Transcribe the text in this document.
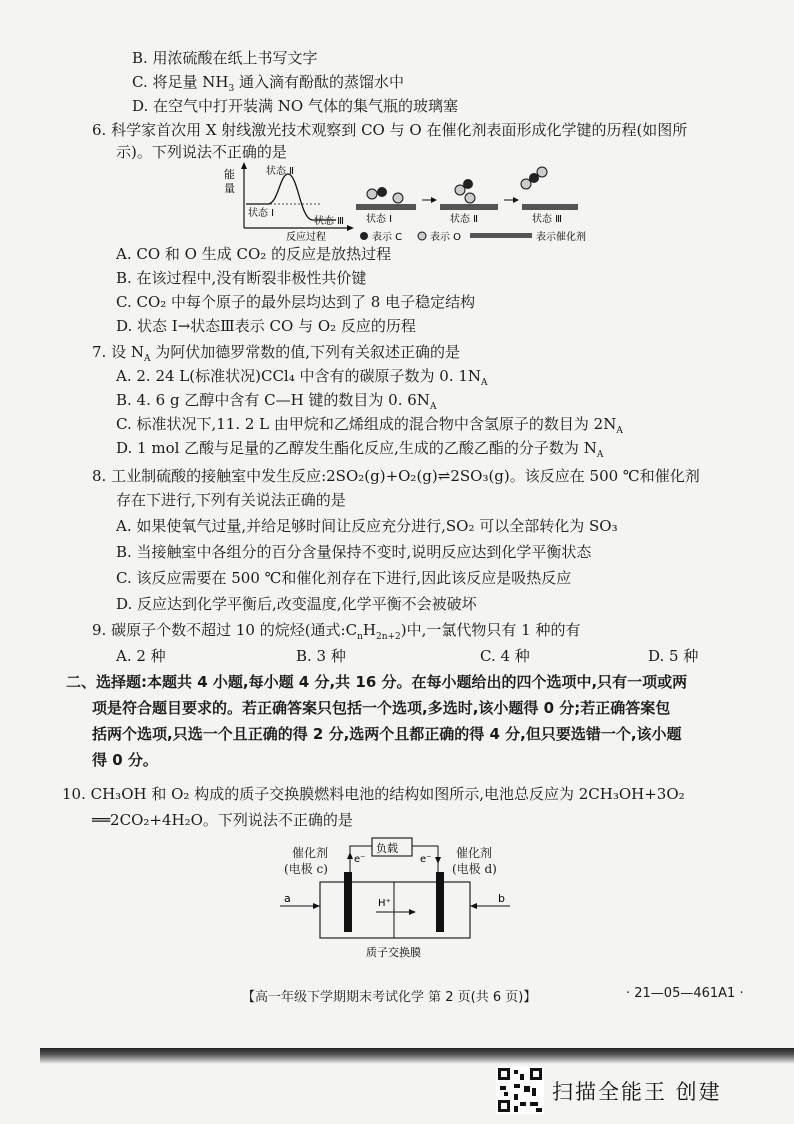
B. 用浓硫酸在纸上书写文字
C. 将足量 $NH_3$ 通入滴有酚酞的蒸馏水中
D. 在空气中打开装满 NO 气体的集气瓶的玻璃塞
6. 科学家首次用 X 射线激光技术观察到 CO 与 O 在催化剂表面形成化学键的历程(如图所
示)。下列说法不正确的是
能
量
状态 Ⅱ
状态 Ⅰ
状态 Ⅲ
反应过程
状态 Ⅰ	状态 Ⅱ	状态 Ⅲ
表示 C	表示 O	表示催化剂
A. CO 和 O 生成 CO₂ 的反应是放热过程
B. 在该过程中,没有断裂非极性共价键
C. CO₂ 中每个原子的最外层均达到了 8 电子稳定结构
D. 状态 Ⅰ→状态Ⅲ表示 CO 与 O₂ 反应的历程
7. 设 $N_A$ 为阿伏加德罗常数的值,下列有关叙述正确的是
A. 2. 24 L(标准状况)CCl₄ 中含有的碳原子数为 0. $1N_A$
B. 4. 6 g 乙醇中含有 C—H 键的数目为 0. $6N_A$
C. 标准状况下,11. 2 L 由甲烷和乙烯组成的混合物中含氢原子的数目为 $2N_A$
D. 1 mol 乙酸与足量的乙醇发生酯化反应,生成的乙酸乙酯的分子数为 $N_A$
8. 工业制硫酸的接触室中发生反应:2SO₂(g)+O₂(g)⇌2SO₃(g)。该反应在 500 ℃和催化剂
存在下进行,下列有关说法正确的是
A. 如果使氧气过量,并给足够时间让反应充分进行,SO₂ 可以全部转化为 SO₃
B. 当接触室中各组分的百分含量保持不变时,说明反应达到化学平衡状态
C. 该反应需要在 500 ℃和催化剂存在下进行,因此该反应是吸热反应
D. 反应达到化学平衡后,改变温度,化学平衡不会被破坏
9. 碳原子个数不超过 10 的烷烃(通式$:C_nH_{2n+2}$)中,一氯代物只有 1 种的有
A. 2 种	B. 3 种	C. 4 种	D. 5 种
二、选择题:本题共 4 小题,每小题 4 分,共 16 分。在每小题给出的四个选项中,只有一项或两
项是符合题目要求的。若正确答案只包括一个选项,多选时,该小题得 0 分;若正确答案包
括两个选项,只选一个且正确的得 2 分,选两个且都正确的得 4 分,但只要选错一个,该小题
得 0 分。
10. CH₃OH 和 O₂ 构成的质子交换膜燃料电池的结构如图所示,电池总反应为 2CH₃OH+3O₂
══2CO₂+4H₂O。下列说法不正确的是
负载
e⁻	e⁻
H⁺
a	b
质子交换膜
催化剂
(电极 c)
催化剂
(电极 d)
【高一年级下学期期末考试化学 第 2 页(共 6 页)】	· 21—05—461A1 ·
扫描全能王 创建
